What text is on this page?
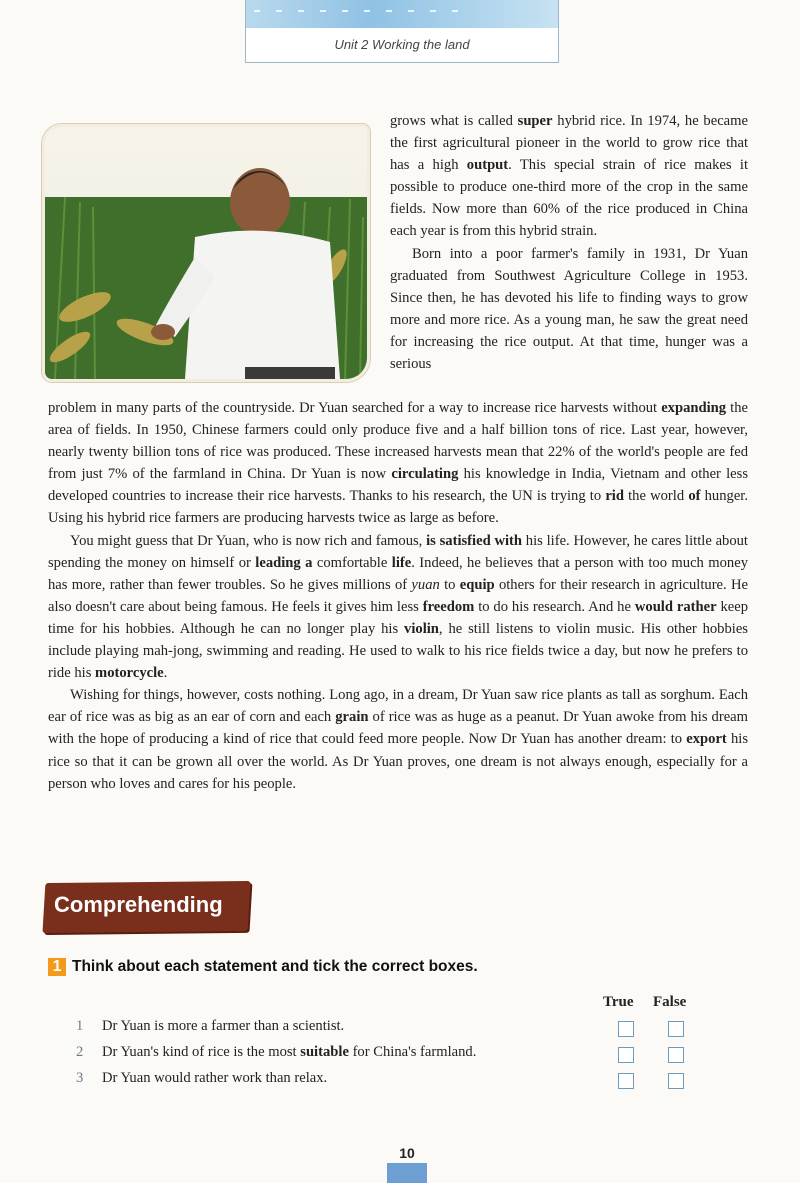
Unit 2 Working the land

grows what is called super hybrid rice. In 1974, he became the first agricultural pioneer in the world to grow rice that has a high output. This special strain of rice makes it possible to produce one-third more of the crop in the same fields. Now more than 60% of the rice produced in China each year is from this hybrid strain.

Born into a poor farmer's family in 1931, Dr Yuan graduated from Southwest Agriculture College in 1953. Since then, he has devoted his life to finding ways to grow more and more rice. As a young man, he saw the great need for increasing the rice output. At that time, hunger was a serious

problem in many parts of the countryside. Dr Yuan searched for a way to increase rice harvests without expanding the area of fields. In 1950, Chinese farmers could only produce five and a half billion tons of rice. Last year, however, nearly twenty billion tons of rice was produced. These increased harvests mean that 22% of the world's people are fed from just 7% of the farmland in China. Dr Yuan is now circulating his knowledge in India, Vietnam and other less developed countries to increase their rice harvests. Thanks to his research, the UN is trying to rid the world of hunger. Using his hybrid rice farmers are producing harvests twice as large as before.

You might guess that Dr Yuan, who is now rich and famous, is satisfied with his life. However, he cares little about spending the money on himself or leading a comfortable life. Indeed, he believes that a person with too much money has more, rather than fewer troubles. So he gives millions of yuan to equip others for their research in agriculture. He also doesn't care about being famous. He feels it gives him less freedom to do his research. And he would rather keep time for his hobbies. Although he can no longer play his violin, he still listens to violin music. His other hobbies include playing mah-jong, swimming and reading. He used to walk to his rice fields twice a day, but now he prefers to ride his motorcycle.

Wishing for things, however, costs nothing. Long ago, in a dream, Dr Yuan saw rice plants as tall as sorghum. Each ear of rice was as big as an ear of corn and each grain of rice was as huge as a peanut. Dr Yuan awoke from his dream with the hope of producing a kind of rice that could feed more people. Now Dr Yuan has another dream: to export his rice so that it can be grown all over the world. As Dr Yuan proves, one dream is not always enough, especially for a person who loves and cares for his people.

Comprehending
1 Think about each statement and tick the correct boxes.
True False
1 Dr Yuan is more a farmer than a scientist.
2 Dr Yuan's kind of rice is the most suitable for China's farmland.
3 Dr Yuan would rather work than relax.
10
